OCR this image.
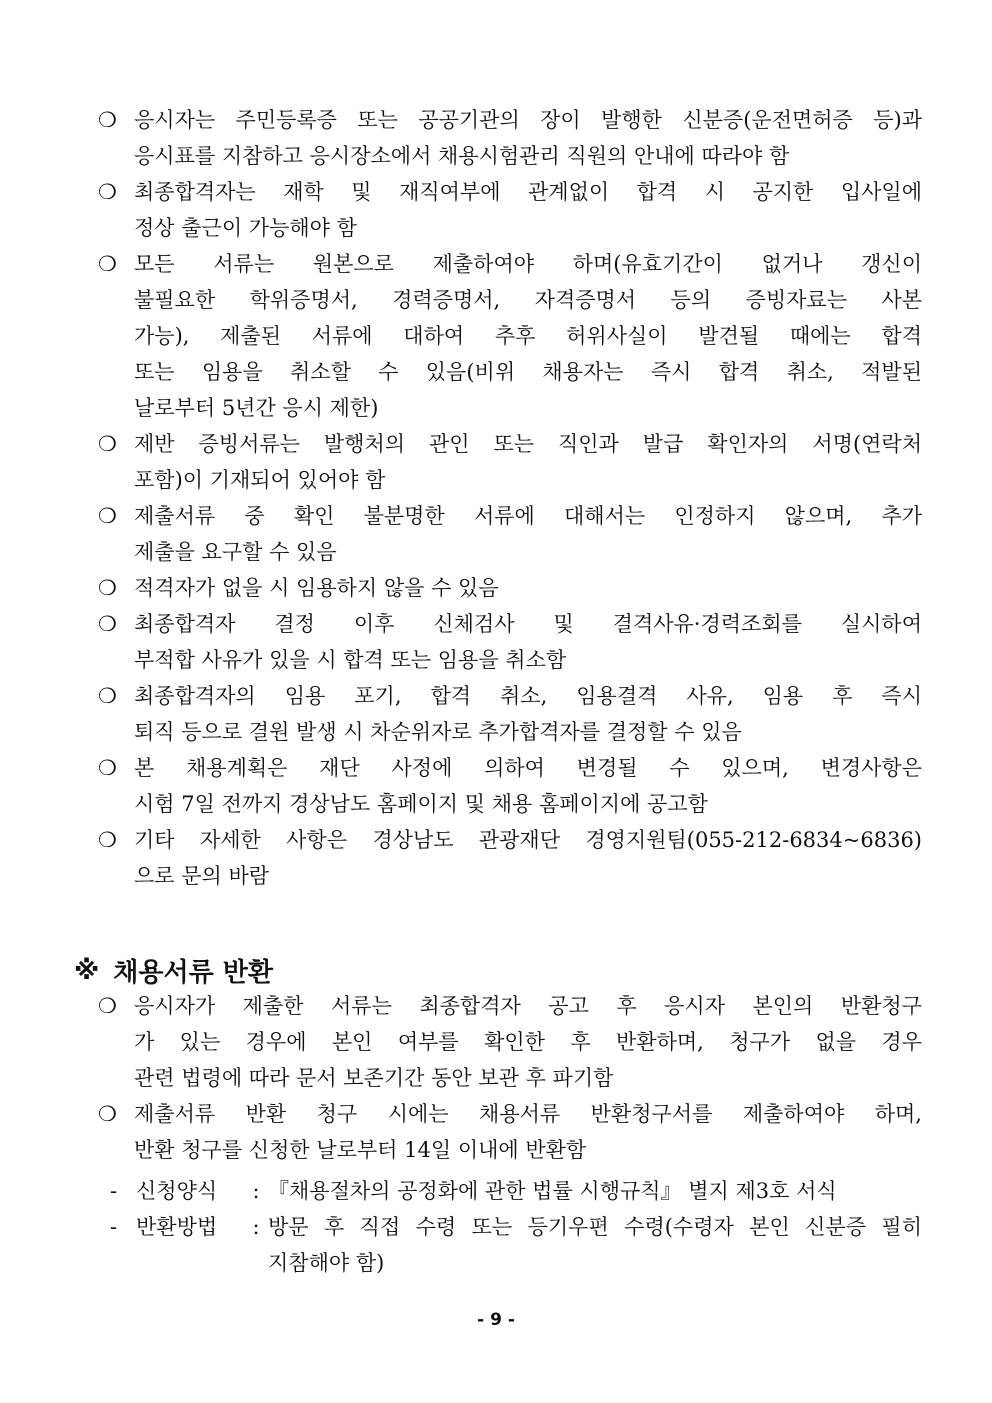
❍ 응시자는 주민등록증 또는 공공기관의 장이 발행한 신분증(운전면허증 등)과
응시표를 지참하고 응시장소에서 채용시험관리 직원의 안내에 따라야 함
❍ 최종합격자는 재학 및 재직여부에 관계없이 합격 시 공지한 입사일에
정상 출근이 가능해야 함
❍ 모든 서류는 원본으로 제출하여야 하며(유효기간이 없거나 갱신이
불필요한 학위증명서, 경력증명서, 자격증명서 등의 증빙자료는 사본
가능), 제출된 서류에 대하여 추후 허위사실이 발견될 때에는 합격
또는 임용을 취소할 수 있음(비위 채용자는 즉시 합격 취소, 적발된
날로부터 5년간 응시 제한)
❍ 제반 증빙서류는 발행처의 관인 또는 직인과 발급 확인자의 서명(연락처
포함)이 기재되어 있어야 함
❍ 제출서류 중 확인 불분명한 서류에 대해서는 인정하지 않으며, 추가
제출을 요구할 수 있음
❍ 적격자가 없을 시 임용하지 않을 수 있음
❍ 최종합격자 결정 이후 신체검사 및 결격사유·경력조회를 실시하여
부적합 사유가 있을 시 합격 또는 임용을 취소함
❍ 최종합격자의 임용 포기, 합격 취소, 임용결격 사유, 임용 후 즉시
퇴직 등으로 결원 발생 시 차순위자로 추가합격자를 결정할 수 있음
❍ 본 채용계획은 재단 사정에 의하여 변경될 수 있으며, 변경사항은
시험 7일 전까지 경상남도 홈페이지 및 채용 홈페이지에 공고함
❍ 기타 자세한 사항은 경상남도 관광재단 경영지원팀(055-212-6834~6836)
으로 문의 바람
※ 채용서류 반환
❍ 응시자가 제출한 서류는 최종합격자 공고 후 응시자 본인의 반환청구
가 있는 경우에 본인 여부를 확인한 후 반환하며, 청구가 없을 경우
관련 법령에 따라 문서 보존기간 동안 보관 후 파기함
❍ 제출서류 반환 청구 시에는 채용서류 반환청구서를 제출하여야 하며,
반환 청구를 신청한 날로부터 14일 이내에 반환함
- 신청양식	: 『채용절차의 공정화에 관한 법률 시행규칙』 별지 제3호 서식
- 반환방법	: 방문 후 직접 수령 또는 등기우편 수령(수령자 본인 신분증 필히
지참해야 함)
- 9 -
